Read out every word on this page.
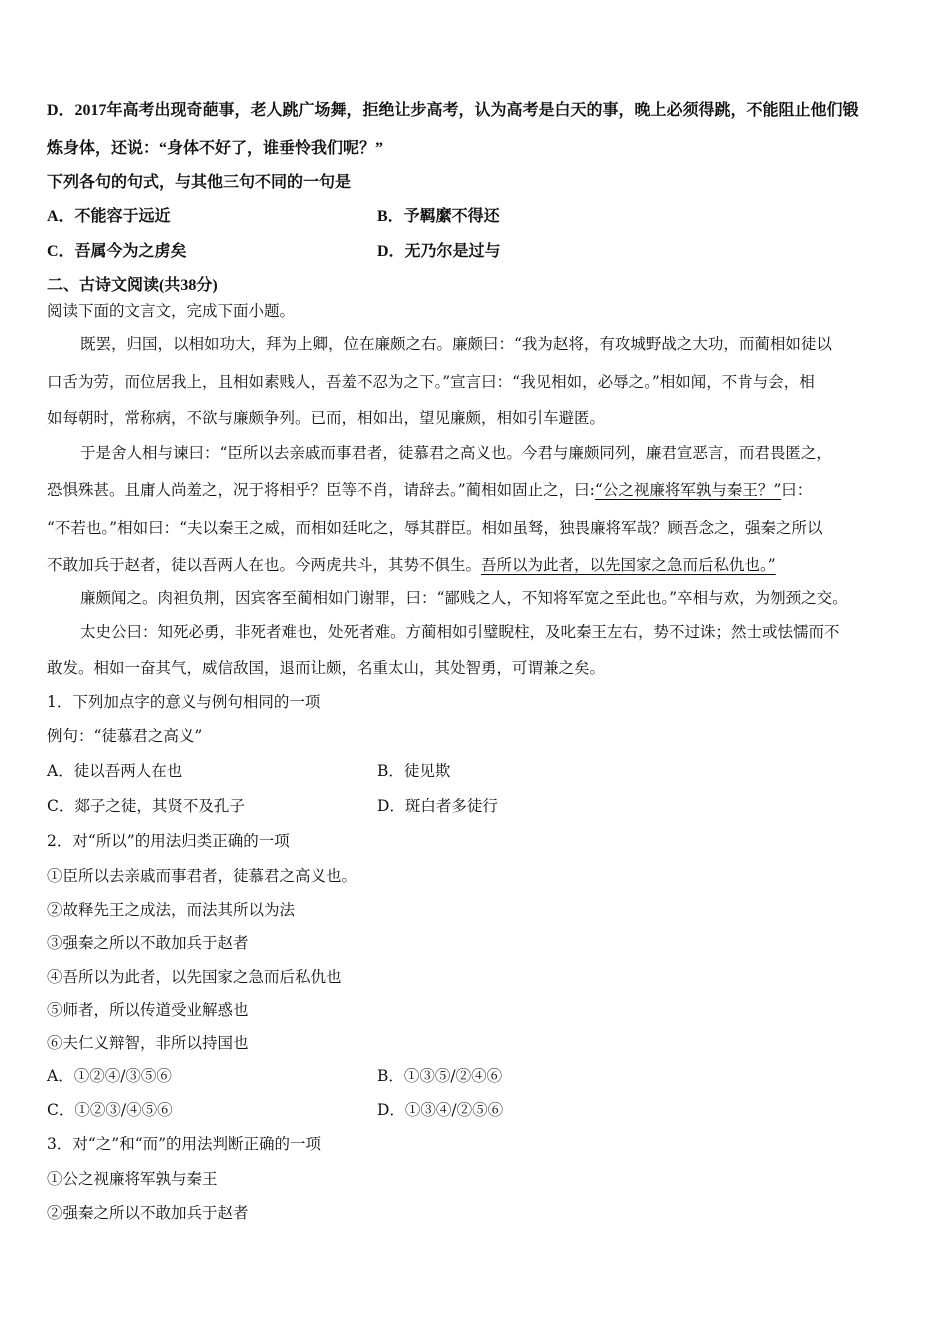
D．2017年高考出现奇葩事，老人跳广场舞，拒绝让步高考，认为高考是白天的事，晚上必须得跳，不能阻止他们锻
炼身体，还说：“身体不好了，谁垂怜我们呢？”
下列各句的句式，与其他三句不同的一句是
A．不能容于远近	B．予羁縻不得还
C．吾属今为之虏矣	D．无乃尔是过与
二、古诗文阅读(共38分)
阅读下面的文言文，完成下面小题。
既罢，归国，以相如功大，拜为上卿，位在廉颇之右。廉颇曰：“我为赵将，有攻城野战之大功，而蔺相如徒以
口舌为劳，而位居我上，且相如素贱人，吾羞不忍为之下。”宣言曰：“我见相如，必辱之。”相如闻，不肯与会，相
如每朝时，常称病，不欲与廉颇争列。已而，相如出，望见廉颇，相如引车避匿。
于是舍人相与谏曰：“臣所以去亲戚而事君者，徒慕君之高义也。今君与廉颇同列，廉君宣恶言，而君畏匿之，
恐惧殊甚。且庸人尚羞之，况于将相乎？臣等不肖，请辞去。”蔺相如固止之，曰:“公之视廉将军孰与秦王？”曰：
“不若也。”相如曰：“夫以秦王之威，而相如廷叱之，辱其群臣。相如虽驽，独畏廉将军哉？顾吾念之，强秦之所以
不敢加兵于赵者，徒以吾两人在也。今两虎共斗，其势不俱生。吾所以为此者，以先国家之急而后私仇也。”
廉颇闻之。肉袒负荆，因宾客至蔺相如门谢罪，曰：“鄙贱之人，不知将军宽之至此也。”卒相与欢，为刎颈之交。
太史公曰：知死必勇，非死者难也，处死者难。方蔺相如引璧睨柱，及叱秦王左右，势不过诛；然士或怯懦而不
敢发。相如一奋其气，威信敌国，退而让颇，名重太山，其处智勇，可谓兼之矣。
1．下列加点字的意义与例句相同的一项
例句：“徒慕君之高义”
A．徒以吾两人在也	B．徒见欺
C．郯子之徒，其贤不及孔子	D．斑白者多徒行
2．对“所以”的用法归类正确的一项
①臣所以去亲戚而事君者，徒慕君之高义也。
②故释先王之成法，而法其所以为法
③强秦之所以不敢加兵于赵者
④吾所以为此者，以先国家之急而后私仇也
⑤师者，所以传道受业解惑也
⑥夫仁义辩智，非所以持国也
A．①②④/③⑤⑥	B．①③⑤/②④⑥
C．①②③/④⑤⑥	D．①③④/②⑤⑥
3．对“之”和“而”的用法判断正确的一项
①公之视廉将军孰与秦王
②强秦之所以不敢加兵于赵者
